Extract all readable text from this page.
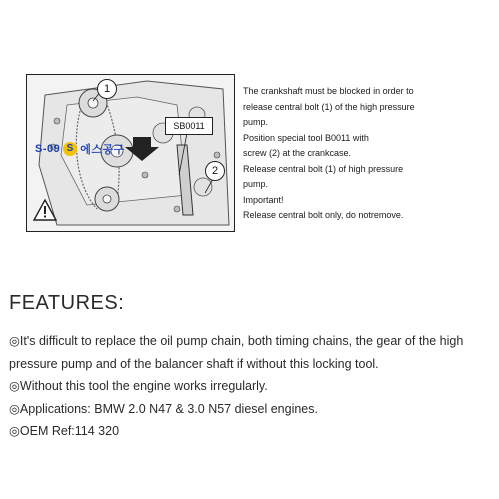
1
2
SB0011
S-09 S 에스공구

The crankshaft must be blocked in order to

release central bolt (1) of the high pressure

pump.

Position special tool B0011 with

screw (2) at the crankcase.

Release central bolt (1) of high pressure

pump.

Important!

Release central bolt only, do notremove.

FEATURES:

◎It's difficult to replace the oil pump chain, both timing chains, the gear of the high

pressure pump and of the balancer shaft if without this locking tool.

◎Without this tool the engine works irregularly.

◎Applications: BMW 2.0 N47 & 3.0 N57 diesel engines.

◎OEM Ref:114 320
